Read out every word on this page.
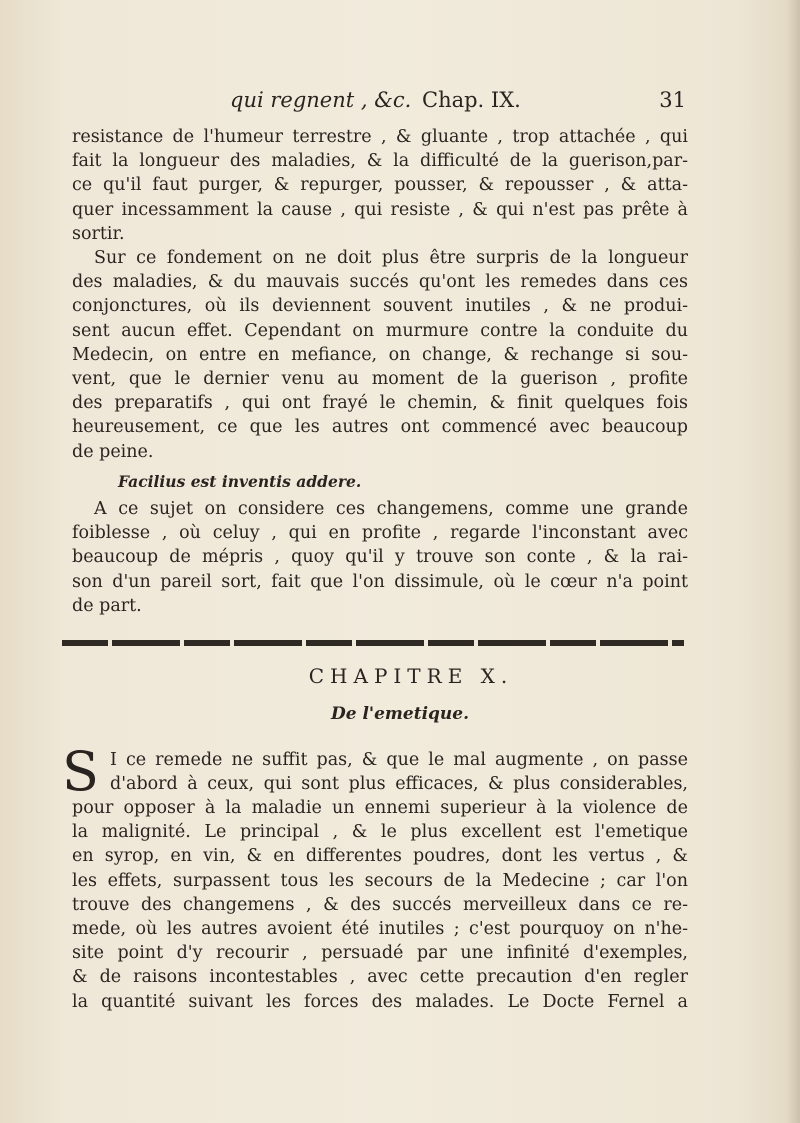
qui regnent , &c. Chap. IX.	31
resistance de l'humeur terrestre , & gluante , trop attachée , qui
fait la longueur des maladies, & la difficulté de la guerison,par-
ce qu'il faut purger, & repurger, pousser, & repousser , & atta-
quer incessamment la cause , qui resiste , & qui n'est pas prête à
sortir.
Sur ce fondement on ne doit plus être surpris de la longueur
des maladies, & du mauvais succés qu'ont les remedes dans ces
conjonctures, où ils deviennent souvent inutiles , & ne produi-
sent aucun effet. Cependant on murmure contre la conduite du
Medecin, on entre en mefiance, on change, & rechange si sou-
vent, que le dernier venu au moment de la guerison , profite
des preparatifs , qui ont frayé le chemin, & finit quelques fois
heureusement, ce que les autres ont commencé avec beaucoup
de peine.
Facilius est inventis addere.
A ce sujet on considere ces changemens, comme une grande
foiblesse , où celuy , qui en profite , regarde l'inconstant avec
beaucoup de mépris , quoy qu'il y trouve son conte , & la rai-
son d'un pareil sort, fait que l'on dissimule, où le cœur n'a point
de part.
CHAPITRE X.
De l'emetique.
S I ce remede ne suffit pas, & que le mal augmente , on passe
d'abord à ceux, qui sont plus efficaces, & plus considerables,
pour opposer à la maladie un ennemi superieur à la violence de
la malignité. Le principal , & le plus excellent est l'emetique
en syrop, en vin, & en differentes poudres, dont les vertus , &
les effets, surpassent tous les secours de la Medecine ; car l'on
trouve des changemens , & des succés merveilleux dans ce re-
mede, où les autres avoient été inutiles ; c'est pourquoy on n'he-
site point d'y recourir , persuadé par une infinité d'exemples,
& de raisons incontestables , avec cette precaution d'en regler
la quantité suivant les forces des malades. Le Docte Fernel a
